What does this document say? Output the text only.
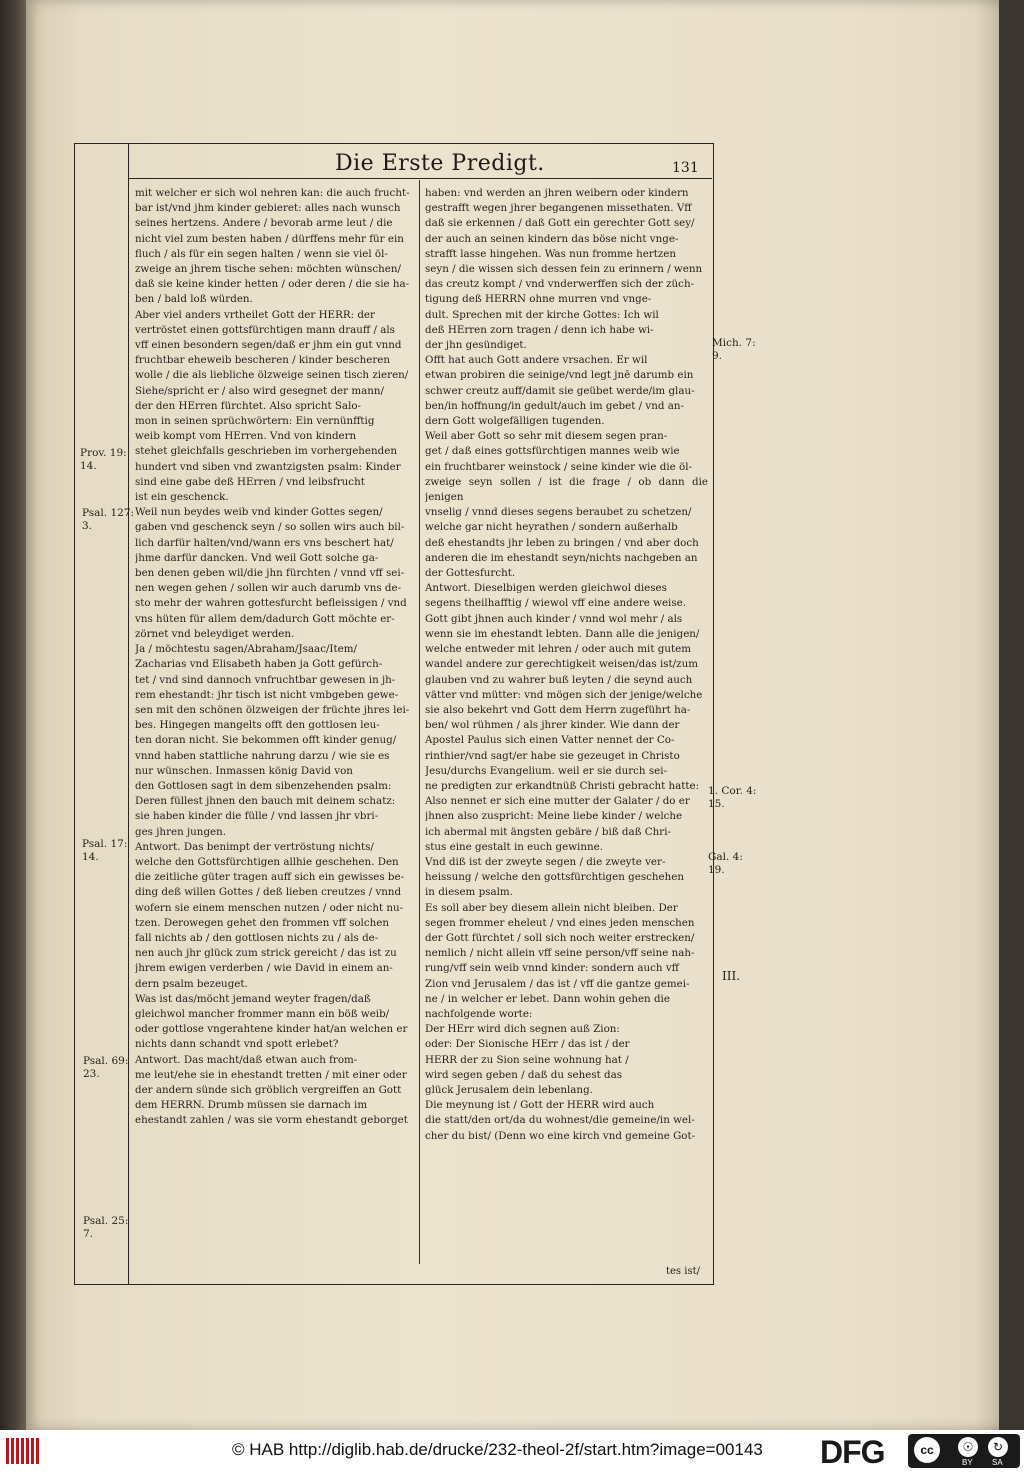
Die Erste Predigt.	131
mit welcher er sich wol nehren kan: die auch frucht-
bar ist/vnd jhm kinder gebieret: alles nach wunsch
seines hertzens. Andere / bevorab arme leut / die
nicht viel zum besten haben / dürffens mehr für ein
fluch / als für ein segen halten / wenn sie viel öl-
zweige an jhrem tische sehen: möchten wünschen/
daß sie keine kinder hetten / oder deren / die sie ha-
ben / bald loß würden.
Aber viel anders vrtheilet Gott der HERR: der
vertröstet einen gottsfürchtigen mann drauff / als
vff einen besondern segen/daß er jhm ein gut vnnd
fruchtbar eheweib bescheren / kinder bescheren
wolle / die als liebliche ölzweige seinen tisch zieren/
Siehe/spricht er / also wird gesegnet der mann/
der den HErren fürchtet. Also spricht Salo-
mon in seinen sprüchwörtern: Ein vernünfftig
weib kompt vom HErren. Vnd von kindern
stehet gleichfalls geschrieben im vorhergehenden
hundert vnd siben vnd zwantzigsten psalm: Kinder
sind eine gabe deß HErren / vnd leibsfrucht
ist ein geschenck.
Weil nun beydes weib vnd kinder Gottes segen/
gaben vnd geschenck seyn / so sollen wirs auch bil-
lich darfür halten/vnd/wann ers vns beschert hat/
jhme darfür dancken. Vnd weil Gott solche ga-
ben denen geben wil/die jhn fürchten / vnnd vff sei-
nen wegen gehen / sollen wir auch darumb vns de-
sto mehr der wahren gottesfurcht befleissigen / vnd
vns hüten für allem dem/dadurch Gott möchte er-
zörnet vnd beleydiget werden.
Ja / möchtestu sagen/Abraham/Jsaac/Item/
Zacharias vnd Elisabeth haben ja Gott gefürch-
tet / vnd sind dannoch vnfruchtbar gewesen in jh-
rem ehestandt: jhr tisch ist nicht vmbgeben gewe-
sen mit den schönen ölzweigen der früchte jhres lei-
bes. Hingegen mangelts offt den gottlosen leu-
ten doran nicht. Sie bekommen offt kinder genug/
vnnd haben stattliche nahrung darzu / wie sie es
nur wünschen. Inmassen könig David von
den Gottlosen sagt in dem sibenzehenden psalm:
Deren füllest jhnen den bauch mit deinem schatz:
sie haben kinder die fülle / vnd lassen jhr vbri-
ges jhren jungen.
Antwort. Das benimpt der vertröstung nichts/
welche den Gottsfürchtigen allhie geschehen. Den
die zeitliche güter tragen auff sich ein gewisses be-
ding deß willen Gottes / deß lieben creutzes / vnnd
wofern sie einem menschen nutzen / oder nicht nu-
tzen. Derowegen gehet den frommen vff solchen
fall nichts ab / den gottlosen nichts zu / als de-
nen auch jhr glück zum strick gereicht / das ist zu
jhrem ewigen verderben / wie David in einem an-
dern psalm bezeuget.
Was ist das/möcht jemand weyter fragen/daß
gleichwol mancher frommer mann ein böß weib/
oder gottlose vngerahtene kinder hat/an welchen er
nichts dann schandt vnd spott erlebet?
Antwort. Das macht/daß etwan auch from-
me leut/ehe sie in ehestandt tretten / mit einer oder
der andern sünde sich gröblich vergreiffen an Gott
dem HERRN. Drumb müssen sie darnach im
ehestandt zahlen / was sie vorm ehestandt geborget
haben: vnd werden an jhren weibern oder kindern
gestrafft wegen jhrer begangenen missethaten. Vff
daß sie erkennen / daß Gott ein gerechter Gott sey/
der auch an seinen kindern das böse nicht vnge-
strafft lasse hingehen. Was nun fromme hertzen
seyn / die wissen sich dessen fein zu erinnern / wenn
das creutz kompt / vnd vnderwerffen sich der züch-
tigung deß HERRN ohne murren vnd vnge-
dult. Sprechen mit der kirche Gottes: Ich wil
deß HErren zorn tragen / denn ich habe wi-
der jhn gesündiget.
Offt hat auch Gott andere vrsachen. Er wil
etwan probiren die seinige/vnd legt jnē darumb ein
schwer creutz auff/damit sie geübet werde/im glau-
ben/in hoffnung/in gedult/auch im gebet / vnd an-
dern Gott wolgefälligen tugenden.
Weil aber Gott so sehr mit diesem segen pran-
get / daß eines gottsfürchtigen mannes weib wie
ein fruchtbarer weinstock / seine kinder wie die öl-
zweige seyn sollen / ist die frage / ob dann die jenigen
vnselig / vnnd dieses segens beraubet zu schetzen/
welche gar nicht heyrathen / sondern außerhalb
deß ehestandts jhr leben zu bringen / vnd aber doch
anderen die im ehestandt seyn/nichts nachgeben an
der Gottesfurcht.
Antwort. Dieselbigen werden gleichwol dieses
segens theilhafftig / wiewol vff eine andere weise.
Gott gibt jhnen auch kinder / vnnd wol mehr / als
wenn sie im ehestandt lebten. Dann alle die jenigen/
welche entweder mit lehren / oder auch mit gutem
wandel andere zur gerechtigkeit weisen/das ist/zum
glauben vnd zu wahrer buß leyten / die seynd auch
vätter vnd mütter: vnd mögen sich der jenige/welche
sie also bekehrt vnd Gott dem Herrn zugeführt ha-
ben/ wol rühmen / als jhrer kinder. Wie dann der
Apostel Paulus sich einen Vatter nennet der Co-
rinthier/vnd sagt/er habe sie gezeuget in Christo
Jesu/durchs Evangelium. weil er sie durch sei-
ne predigten zur erkandtnüß Christi gebracht hatte:
Also nennet er sich eine mutter der Galater / do er
jhnen also zuspricht: Meine liebe kinder / welche
ich abermal mit ängsten gebäre / biß daß Chri-
stus eine gestalt in euch gewinne.
Vnd diß ist der zweyte segen / die zweyte ver-
heissung / welche den gottsfürchtigen geschehen
in diesem psalm.
Es soll aber bey diesem allein nicht bleiben. Der
segen frommer eheleut / vnd eines jeden menschen
der Gott fürchtet / soll sich noch weiter erstrecken/
nemlich / nicht allein vff seine person/vff seine nah-
rung/vff sein weib vnnd kinder: sondern auch vff
Zion vnd Jerusalem / das ist / vff die gantze gemei-
ne / in welcher er lebet. Dann wohin gehen die
nachfolgende worte:
Der HErr wird dich segnen auß Zion:
oder: Der Sionische HErr / das ist / der
HERR der zu Sion seine wohnung hat /
wird segen geben / daß du sehest das
glück Jerusalem dein lebenlang.
Die meynung ist / Gott der HERR wird auch
die statt/den ort/da du wohnest/die gemeine/in wel-
cher du bist/ (Denn wo eine kirch vnd gemeine Got-
tes ist/
Prov. 19:
14.
Psal. 127:
3.
Psal. 17:
14.
Psal. 69:
23.
Psal. 25:
7.
Mich. 7:
9.
1. Cor. 4:
15.
Gal. 4:
19.
III.
© HAB http://diglib.hab.de/drucke/232-theol-2f/start.htm?image=00143 DFG	cc	☉	↻
BY SA
